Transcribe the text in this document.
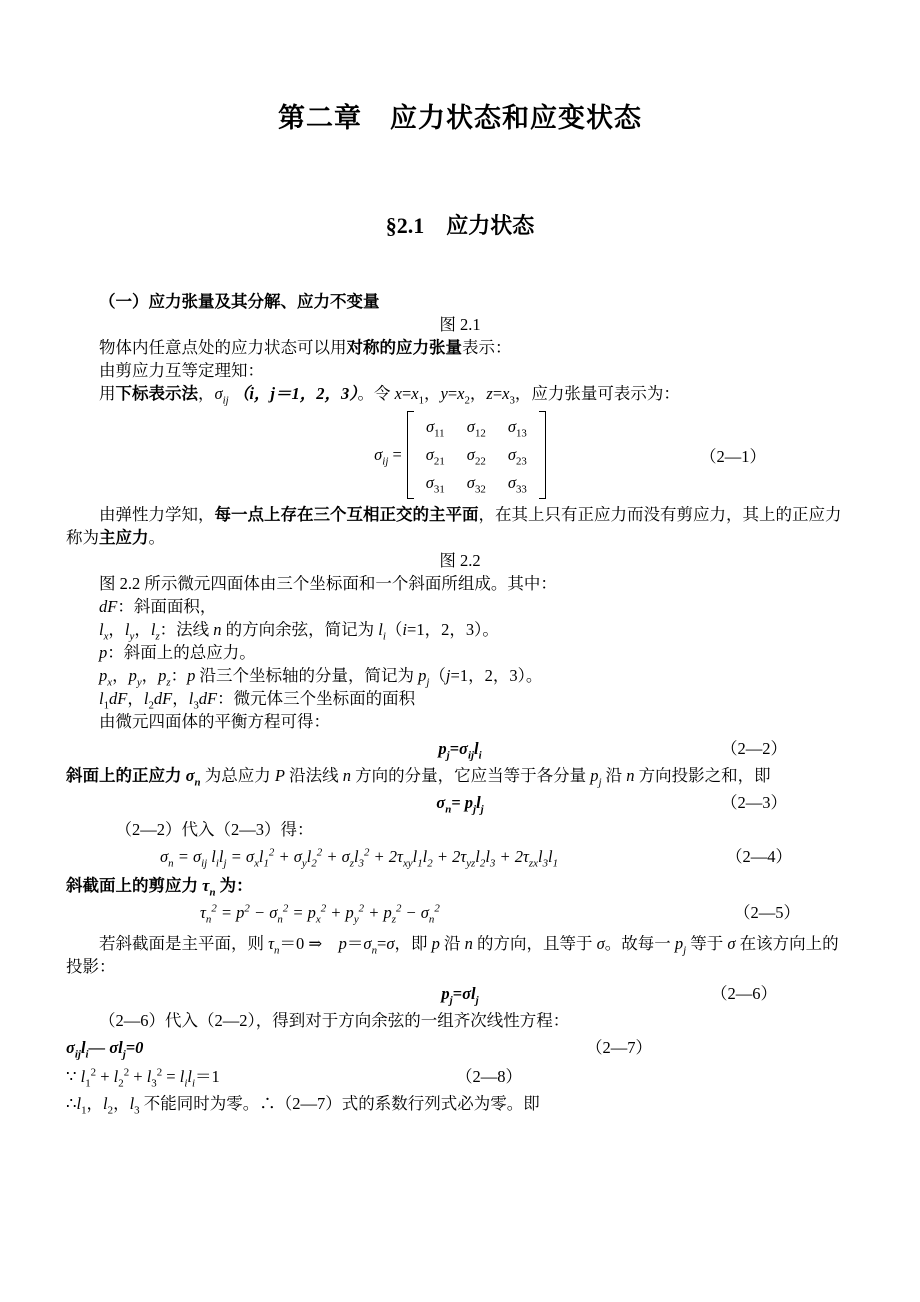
第二章　应力状态和应变状态
§2.1　应力状态

（一）应力张量及其分解、应力不变量

图 2.1

物体内任意点处的应力状态可以用对称的应力张量表示：

由剪应力互等定理知：

用下标表示法，$\sigma_{ij}$ （i，j＝1，2，3）。令 $x=x_1$，$y=x_2$，$z=x_3$，应力张量可表示为：

$\sigma_{ij}$ =
$\sigma_{11}$	$\sigma_{12}$	$\sigma_{13}$
$\sigma_{21}$	$\sigma_{22}$	$\sigma_{23}$
$\sigma_{31}$	$\sigma_{32}$	$\sigma_{33}$
（2—1）

由弹性力学知，每一点上存在三个互相正交的主平面，在其上只有正应力而没有剪应力，其上的正应力称为主应力。

图 2.2

图 2.2 所示微元四面体由三个坐标面和一个斜面所组成。其中：

dF：斜面面积，

$l_x$，$l_y$，$l_z$：法线 n 的方向余弦，简记为 $l_i(i=1$，2，3）。

p：斜面上的总应力。

$p_x$，$p_y$，$p_z$：p 沿三个坐标轴的分量，简记为 $p_j(j=1$，2，3）。

$l_1dF$，$l_2dF$，$l_3dF$：微元体三个坐标面的面积

由微元四面体的平衡方程可得：

$p_j=\sigma_{ij}l_i$	（2—2）

斜面上的正应力 $\sigma_n$ 为总应力 P 沿法线 n 方向的分量，它应当等于各分量 $p_j$ 沿 n 方向投影之和，即

$\sigma_n= p_jl_j$	（2—3）

（2—2）代入（2—3）得：

$\sigma_n = \sigma_{ij}$ $l_il_j = \sigma_xl_1^2 + \sigma_yl_2^2 + \sigma_zl_3^2 + 2\tau_{xy}l_1l_2 + 2\tau_{yz}l_2l_3 + 2\tau_{zx}l_3l_1$	（2—4）

斜截面上的剪应力 $\tau_n$ 为：

$\tau_n^2 = p^2 - \sigma_n^2 = p_x^2 + p_y^2 + p_z^2 - \sigma_n^2$	（2—5）

若斜截面是主平面，则 $\tau_n=0$ ⇒　$p=\sigma_n=\sigma$，即 p 沿 n 的方向，且等于 σ。故每一 $p_j$ 等于 σ 在该方向上的投影：

$p_j=\sigma l_j$	（2—6）

（2—6）代入（2—2），得到对于方向余弦的一组齐次线性方程：

$\sigma_{ij}l_i—$ $\sigma l_j=0$	（2—7）
∵ $l_1^2 + l_2^2 + l_3^2 = l_il_i=1$	（2—8）

$\therefore l_1$，$l_2$，$l_3$ 不能同时为零。∴（2—7）式的系数行列式必为零。即
